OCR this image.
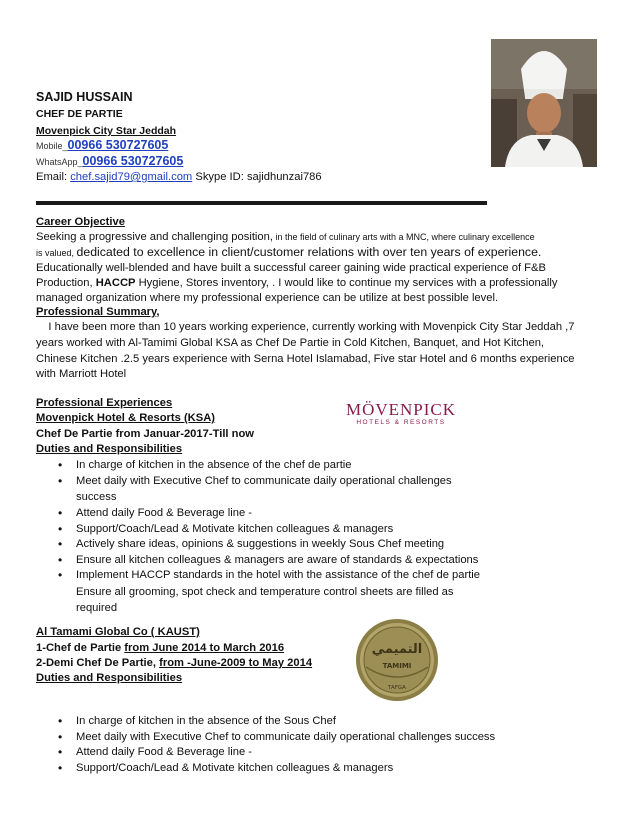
SAJID HUSSAIN
CHEF DE PARTIE
Movenpick City Star Jeddah
Mobile_00966 530727605
WhatsApp_00966 530727605
Email: chef.sajid79@gmail.com Skype ID: sajidhunzai786
Career Objective
Seeking a progressive and challenging position, in the field of culinary arts with a MNC, where culinary excellence
is valued, dedicated to excellence in client/customer relations with over ten years of experience.
Educationally well-blended and have built a successful career gaining wide practical experience of F&B
Production, HACCP Hygiene, Stores inventory, . I would like to continue my services with a professionally
managed organization where my professional experience can be utilize at best possible level.
Professional Summary,
I have been more than 10 years working experience, currently working with Movenpick City Star Jeddah ,7
years worked with Al-Tamimi Global KSA as Chef De Partie in Cold Kitchen, Banquet, and Hot Kitchen,
Chinese Kitchen .2.5 years experience with Serna Hotel Islamabad, Five star Hotel and 6 months experience
with Marriott Hotel
Professional Experiences
Movenpick Hotel & Resorts (KSA)
Chef De Partie from Januar-2017-Till now
Duties and Responsibilities
MÖVENPICK
HOTELS & RESORTS
• In charge of kitchen in the absence of the chef de partie
• Meet daily with Executive Chef to communicate daily operational challenges
success
• Attend daily Food & Beverage line -
• Support/Coach/Lead & Motivate kitchen colleagues & managers
• Actively share ideas, opinions & suggestions in weekly Sous Chef meeting
• Ensure all kitchen colleagues & managers are aware of standards & expectations
• Implement HACCP standards in the hotel with the assistance of the chef de partie
Ensure all grooming, spot check and temperature control sheets are filled as
required
Al Tamami Global Co ( KAUST)
1-Chef de Partie from June 2014 to March 2016
2-Demi Chef De Partie, from -June-2009 to May 2014
Duties and Responsibilities
التميمي
TAMIMI
TAFGA
• In charge of kitchen in the absence of the Sous Chef
• Meet daily with Executive Chef to communicate daily operational challenges success
• Attend daily Food & Beverage line -
• Support/Coach/Lead & Motivate kitchen colleagues & managers
